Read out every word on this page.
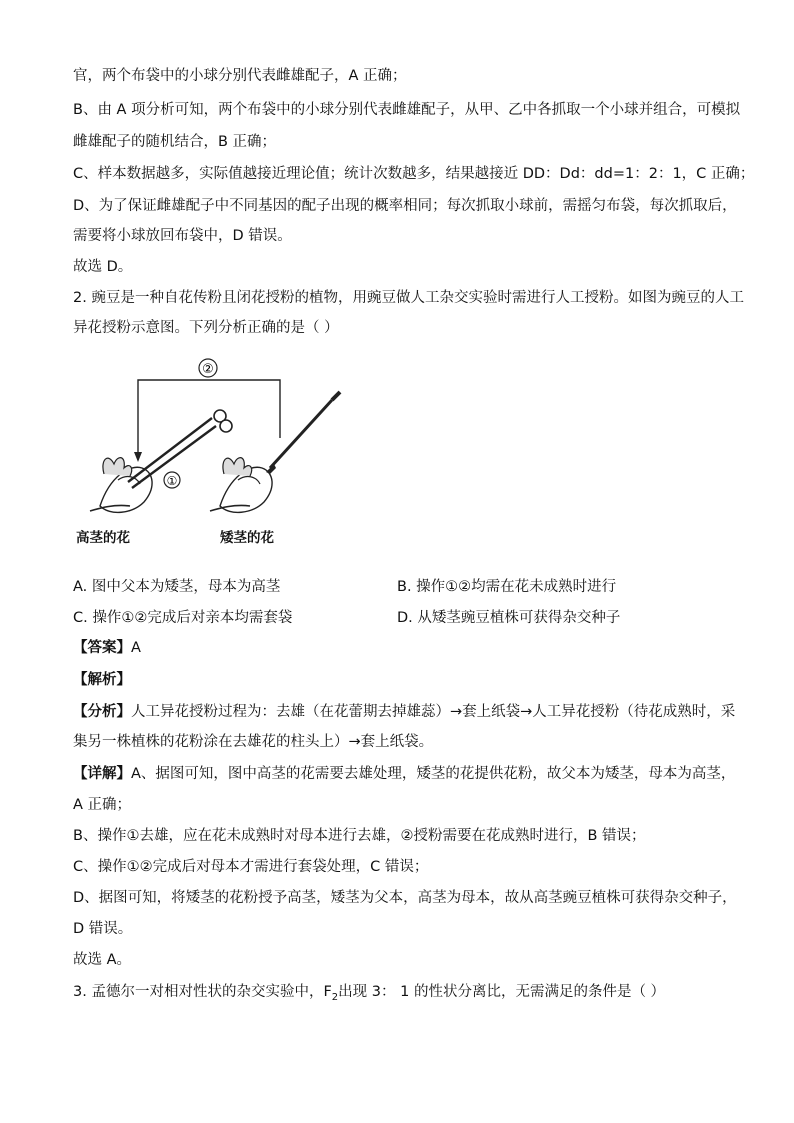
官，两个布袋中的小球分别代表雌雄配子，A 正确；
B、由 A 项分析可知，两个布袋中的小球分别代表雌雄配子，从甲、乙中各抓取一个小球并组合，可模拟
雌雄配子的随机结合，B 正确；
C、样本数据越多，实际值越接近理论值；统计次数越多，结果越接近 DD：Dd：dd=1：2：1，C 正确；
D、为了保证雌雄配子中不同基因的配子出现的概率相同；每次抓取小球前，需摇匀布袋，每次抓取后，
需要将小球放回布袋中，D 错误。
故选 D。
2. 豌豆是一种自花传粉且闭花授粉的植物，用豌豆做人工杂交实验时需进行人工授粉。如图为豌豆的人工
异花授粉示意图。下列分析正确的是（ ）
②
①
高茎的花	矮茎的花
A. 图中父本为矮茎，母本为高茎	B. 操作①②均需在花未成熟时进行
C. 操作①②完成后对亲本均需套袋	D. 从矮茎豌豆植株可获得杂交种子
【答案】A
【解析】
【分析】人工异花授粉过程为：去雄（在花蕾期去掉雄蕊）→套上纸袋→人工异花授粉（待花成熟时，采
集另一株植株的花粉涂在去雄花的柱头上）→套上纸袋。
【详解】A、据图可知，图中高茎的花需要去雄处理，矮茎的花提供花粉，故父本为矮茎，母本为高茎，
A 正确；
B、操作①去雄，应在花未成熟时对母本进行去雄，②授粉需要在花成熟时进行，B 错误；
C、操作①②完成后对母本才需进行套袋处理，C 错误；
D、据图可知，将矮茎的花粉授予高茎，矮茎为父本，高茎为母本，故从高茎豌豆植株可获得杂交种子，
D 错误。
故选 A。
3. 孟德尔一对相对性状的杂交实验中，$F_2$出现 3： 1 的性状分离比，无需满足的条件是（ ）
